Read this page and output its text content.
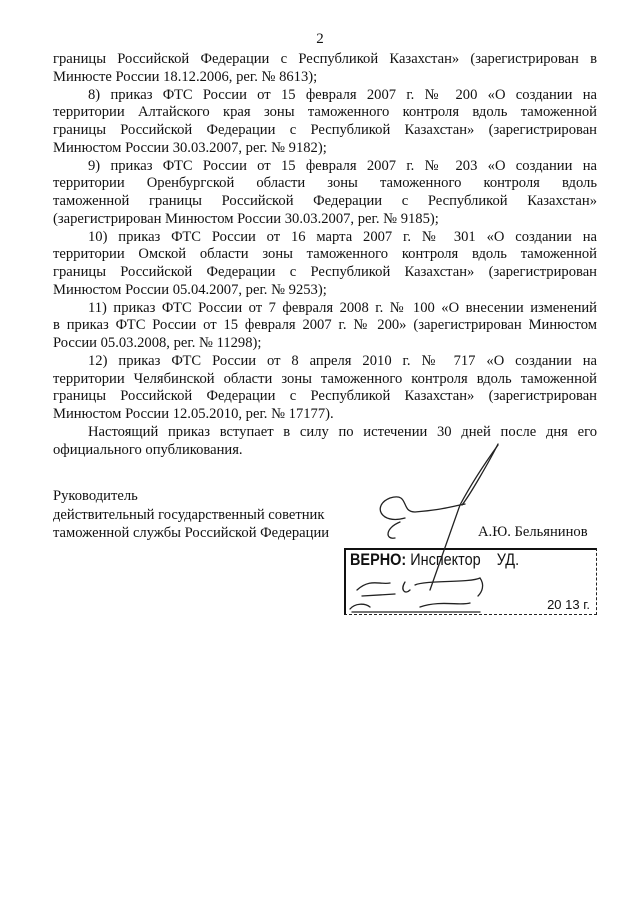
2
границы Российской Федерации с Республикой Казахстан» (зарегистрирован в
Минюсте России 18.12.2006, рег. № 8613);
8) приказ ФТС России от 15 февраля 2007 г. № 200 «О создании на
территории Алтайского края зоны таможенного контроля вдоль таможенной
границы Российской Федерации с Республикой Казахстан» (зарегистрирован
Минюстом России 30.03.2007, рег. № 9182);
9) приказ ФТС России от 15 февраля 2007 г. № 203 «О создании на
территории Оренбургской области зоны таможенного контроля вдоль
таможенной границы Российской Федерации с Республикой Казахстан»
(зарегистрирован Минюстом России 30.03.2007, рег. № 9185);
10) приказ ФТС России от 16 марта 2007 г. № 301 «О создании на
территории Омской области зоны таможенного контроля вдоль таможенной
границы Российской Федерации с Республикой Казахстан» (зарегистрирован
Минюстом России 05.04.2007, рег. № 9253);
11) приказ ФТС России от 7 февраля 2008 г. № 100 «О внесении изменений
в приказ ФТС России от 15 февраля 2007 г. № 200» (зарегистрирован Минюстом
России 05.03.2008, рег. № 11298);
12) приказ ФТС России от 8 апреля 2010 г. № 717 «О создании на
территории Челябинской области зоны таможенного контроля вдоль таможенной
границы Российской Федерации с Республикой Казахстан» (зарегистрирован
Минюстом России 12.05.2010, рег. № 17177).
Настоящий приказ вступает в силу по истечении 30 дней после дня его
официального опубликования.
Руководитель
действительный государственный советник
таможенной службы Российской Федерации	А.Ю. Бельянинов
ВЕРНО: Инспектор УД.
20 13 г.
